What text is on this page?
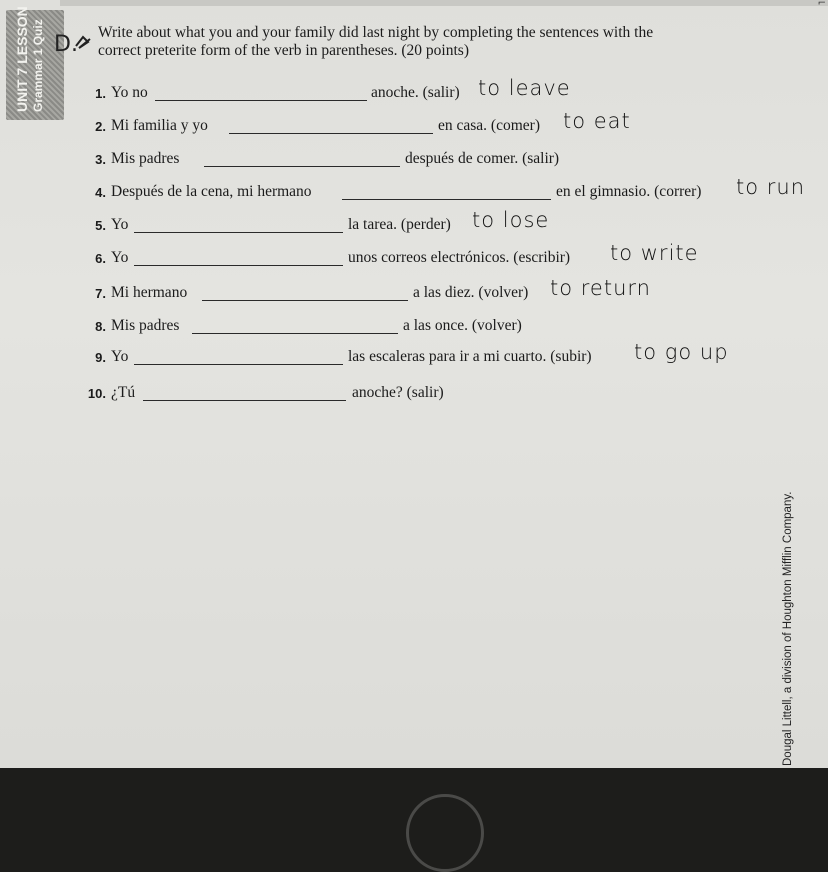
UNIT 7 LESSON Grammar 1 Quiz D. Write about what you and your family did last night by completing the sentences with the correct preterite form of the verb in parentheses. (20 points)
1. Yo no	anoche. (salir) to leave
2. Mi familia y yo	en casa. (comer) to eat
3. Mis padres	después de comer. (salir)
4. Después de la cena, mi hermano	en el gimnasio. (correr) to run
5. Yo	la tarea. (perder) to lose
6. Yo	unos correos electrónicos. (escribir) to write
7. Mi hermano	a las diez. (volver) to return
8. Mis padres	a las once. (volver)
9. Yo	las escaleras para ir a mi cuarto. (subir) to go up
10. ¿Tú	anoche? (salir)
⌐
Dougal Littell, a division of Houghton Mifflin Company.
